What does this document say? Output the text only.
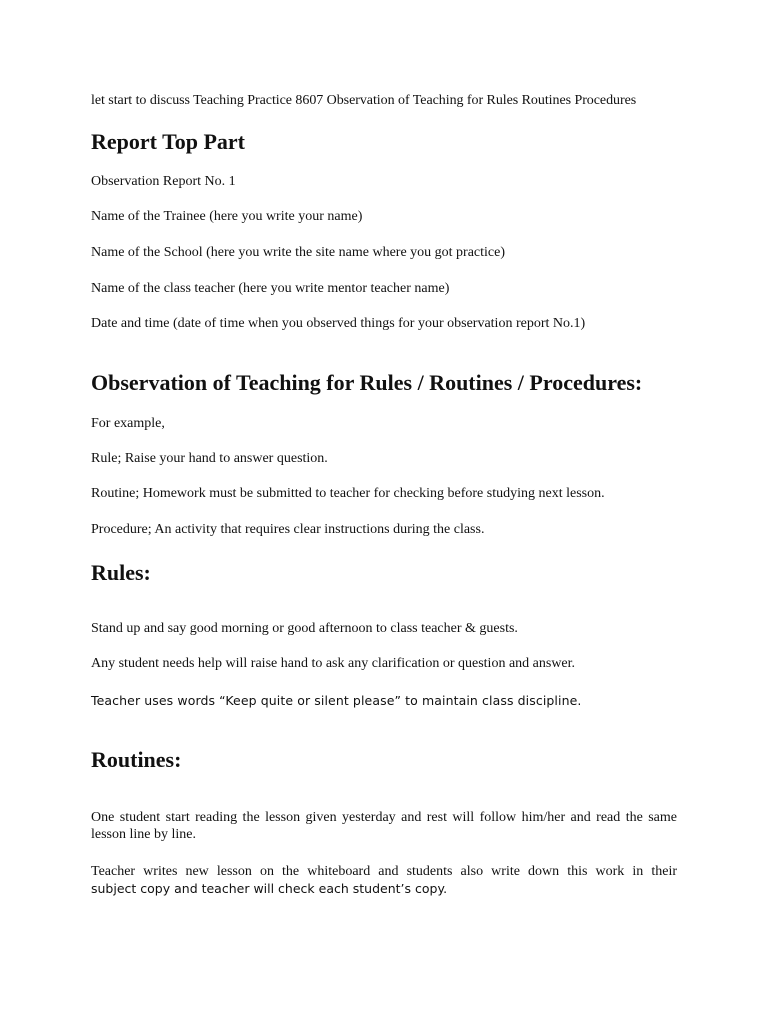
let start to discuss Teaching Practice 8607 Observation of Teaching for Rules Routines Procedures
Report Top Part

Observation Report No. 1

Name of the Trainee (here you write your name)

Name of the School (here you write the site name where you got practice)

Name of the class teacher (here you write mentor teacher name)

Date and time (date of time when you observed things for your observation report No.1)

Observation of Teaching for Rules / Routines / Procedures:

For example,

Rule; Raise your hand to answer question.

Routine; Homework must be submitted to teacher for checking before studying next lesson.

Procedure; An activity that requires clear instructions during the class.

Rules:

Stand up and say good morning or good afternoon to class teacher & guests.

Any student needs help will raise hand to ask any clarification or question and answer.

Teacher uses words “Keep quite or silent please” to maintain class discipline.

Routines:

One student start reading the lesson given yesterday and rest will follow him/her and read the same lesson line by line.

Teacher writes new lesson on the whiteboard and students also write down this work in their
subject copy and teacher will check each student’s copy.
